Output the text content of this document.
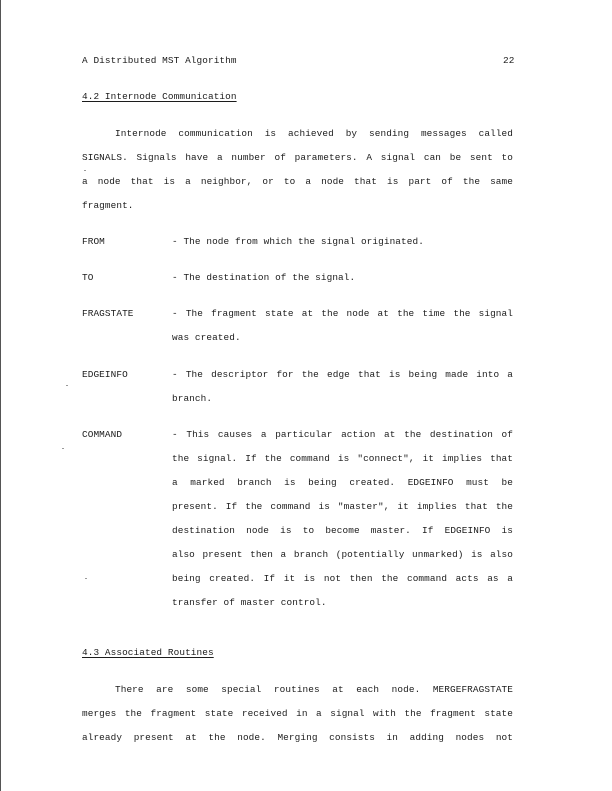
A Distributed MST Algorithm	22
4.2 Internode Communication
Internode communication is achieved by sending messages called
SIGNALS. Signals have a number of parameters. A signal can be sent to
a node that is a neighbor, or to a node that is part of the same
fragment.
FROM	- The node from which the signal originated.
TO	- The destination of the signal.
FRAGSTATE	- The fragment state at the node at the time the signal
was created.
EDGEINFO	- The descriptor for the edge that is being made into a
branch.
COMMAND	- This causes a particular action at the destination of
the signal. If the command is "connect", it implies that
a marked branch is being created. EDGEINFO must be
present. If the command is "master", it implies that the
destination node is to become master. If EDGEINFO is
also present then a branch (potentially unmarked) is also
being created. If it is not then the command acts as a
transfer of master control.
4.3 Associated Routines
There are some special routines at each node. MERGEFRAGSTATE
merges the fragment state received in a signal with the fragment state
already present at the node. Merging consists in adding nodes not
